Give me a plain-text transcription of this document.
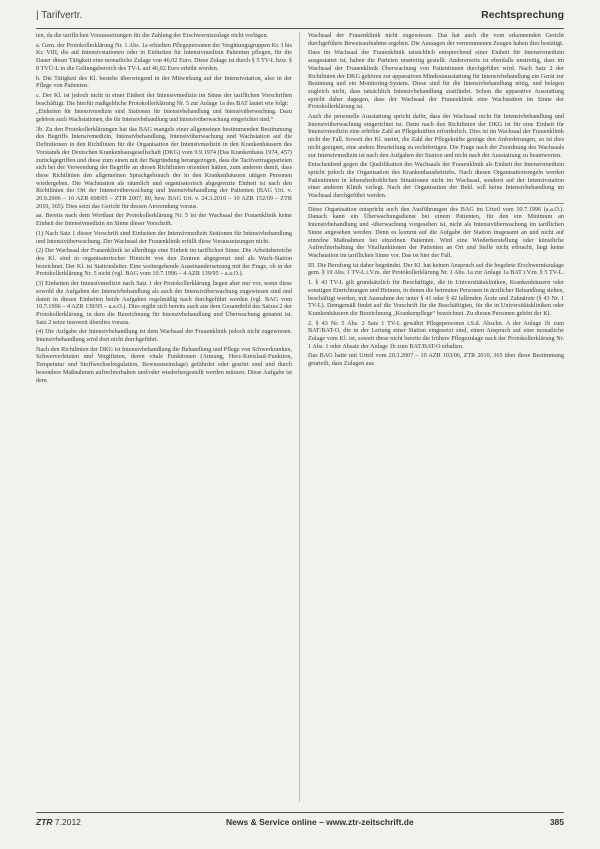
| Tarifvertr.	Rechtsprechung

ten, da die tariflichen Voraussetzungen für die Zahlung der Erschwerniszulage nicht vorlägen.

a. Gem. der Protokollerklärung Nr. 1 Abs. 1a erhielten Pflegepersonen der Vergütungsgruppen Kr. I bis Kr. VIII, die auf Intensivstationen oder in Einheiten für Intensivmedizin Patienten pflegen, für die Dauer dieser Tätigkeit eine monatliche Zulage von 46,02 Euro. Diese Zulage ist durch § 5 TV-L bzw. § 8 TVÜ-L in die Geltungsbereich des TV-L auf 46,02 Euro erhöht worden.

b. Die Tätigkeit des Kl. bestehe überwiegend in der Mitwirkung auf der Intensivstation, also in der Pflege von Patienten.

c. Der Kl. ist jedoch nicht in einer Einheit der Intensivmedizin im Sinne der tariflichen Vorschriften beschäftigt. Die hierfür maßgebliche Protokollerklärung Nr. 5 zur Anlage 1a des BAT lautet wie folgt:

„Einheiten für Intensivmedizin sind Stationen für Intensivbehandlung und Intensivüberwachung. Dazu gehören auch Wachstationen, die für Intensivbehandlung und Intensivüberwachung eingerichtet sind.“

3b. Zu den Protokollerklärungen hat das BAG mangels einer allgemeinen bestimmenden Bestimmung des Begriffs Intensivmedizin, Intensivbehandlung, Intensivüberwachung und Wachstation auf die Definitionen in den Richtlinien für die Organisation der Intensivmedizin in den Krankenhäusern des Vorstands der Deutschen Krankenhausgesellschaft (DKG) vom 9.9.1974 (Das Krankenhaus 1974, 457) zurückgegriffen und diese zum einen mit der Begründung herangezogen, dass die Tarifvertragsparteien sich bei der Verwendung der Begriffe an diesen Richtlinien orientiert hätten, zum anderen damit, dass diese Richtlinien den allgemeinen Sprachgebrauch der in den Krankenhäusern tätigen Personen wiedergeben. Die Wachstation als räumlich und organisatorisch abgegrenzte Einheit ist nach den Richtlinien der Ort der Intensivüberwachung und Intensivbehandlung der Patienten (BAG Urt. v. 20.9.2006 – 10 AZR 608/05 – ZTR 2007, 80, bzw. BAG Urt. v. 24.3.2010 – 10 AZR 152/09 – ZTR 2010, 365). Dies setzt das Gericht für dessen Anwendung voraus.

aa. Bereits nach dem Wortlaut der Protokollerklärung Nr. 5 ist der Wachsaal der Frauenklinik keine Einheit der Intensivmedizin im Sinne dieser Vorschrift.

(1) Nach Satz 1 dieser Vorschrift sind Einheiten der Intensivmedizin Stationen für Intensivbehandlung und Intensivüberwachung. Der Wachsaal der Frauenklinik erfüllt diese Voraussetzungen nicht.

(2) Der Wachsaal der Frauenklinik ist allerdings eine Einheit im tariflichen Sinne. Die Arbeitsbereiche des Kl. sind in organisatorischer Hinsicht von den Zentren abgegrenzt und als Wach-Station bezeichnet. Der Kl. ist Stationsleiter. Eine weitergehende Auseinandersetzung mit der Frage, ob in der Protokollerklärung Nr. 5 nicht (vgl. BAG vom 10.7.1996 – 4 AZR 139/95 – a.a.O.).

(3) Einheiten der Intensivmedizin nach Satz 1 der Protokollerklärung liegen aber nur vor, wenn diese sowohl die Aufgaben der Intensivbehandlung als auch der Intensivüberwachung zugewiesen sind und damit in diesen Einheiten beide Aufgaben regelmäßig nach durchgeführt werden (vgl. BAG vom 10.7.1996 – 4 AZR 139/95 – a.a.O.). Dies ergibt sich bereits auch aus dem Gesamtbild des Satzes 2 der Protokollerklärung, in dem die Bezeichnung für Intensivbehandlung und Überwachung genannt ist. Satz 2 setze insoweit überdies voraus.

(4) Die Aufgabe der Intensivbehandlung ist dem Wachsaal der Frauenklinik jedoch nicht zugewiesen. Intensivbehandlung wird dort nicht durchgeführt.

Nach den Richtlinien der DKG ist Intensivbehandlung die Behandlung und Pflege von Schwerkranken, Schwerverletzten und Vergifteten, deren vitale Funktionen (Atmung, Herz-Kreislauf-Funktion, Temperatur und Stoffwechselregulation, Bewusstseinslage) gefährdet oder gestört sind und durch besondere Maßnahmen aufrechterhalten und/oder wiederhergestellt werden müssen. Diese Aufgabe ist dem

Wachsaal der Frauenklinik nicht zugewiesen. Das hat auch die vom erkennenden Gericht durchgeführte Beweisaufnahme ergeben. Die Aussagen der vernommenen Zeugen haben dies bestätigt.

Dass im Wachsaal der Frauenklinik tatsächlich entsprechend einer Einheit für Intensivmedizin ausgestattet ist, haben die Parteien unstreitig gestellt. Andererseits ist ebenfalls unstreitig, dass im Wachsaal der Frauenklinik Überwachung von Patientinnen durchgeführt wird. Nach Satz 2 der Richtlinien der DKG gehören zur apparativen Mindestausstattung für Intensivbehandlung ein Gerät zur Beatmung und ein Monitoring-System. Diese sind für die Intensivbehandlung nötig, und belegen zugleich nicht, dass tatsächlich Intensivbehandlung stattfindet. Schon die apparative Ausstattung spricht daher dagegen, dass der Wachsaal der Frauenklinik eine Wachstation im Sinne der Protokollerklärung ist.

Auch die personelle Ausstattung spricht dafür, dass der Wachsaal nicht für Intensivbehandlung und Intensivüberwachung eingerichtet ist. Denn nach den Richtlinien der DKG ist für eine Einheit für Intensivmedizin eine erhöhte Zahl an Pflegekräften erforderlich. Dies ist im Wachsaal der Frauenklinik nicht der Fall. Soweit der Kl. meint, die Zahl der Pflegekräfte genüge den Anforderungen, so ist dies nicht geeignet, eine andere Beurteilung zu rechtfertigen. Die Frage nach der Zuordnung des Wachsaals zur Intensivmedizin ist nach den Aufgaben der Station und nicht nach der Ausstattung zu beantworten.

Entscheidend gegen die Qualifikation des Wachsaals der Frauenklinik als Einheit der Intensivmedizin spricht jedoch die Organisation des Krankenhausbetriebs. Nach diesen Organisationsregeln werden Patientinnen in lebensbedrohlichen Situationen nicht im Wachsaal, sondern auf der Intensivstation einer anderen Klinik verlegt. Nach der Organisation der Bekl. soll keine Intensivbehandlung im Wachsaal durchgeführt werden.

Diese Organisation entspricht auch den Ausführungen des BAG im Urteil vom 10.7.1996 (a.a.O.). Danach kann ein Überwachungsdienst bei einem Patienten, für den ein Minimum an Intensivbehandlung und -überwachung vorgesehen ist, nicht als Intensivüberwachung im tariflichen Sinne angesehen werden. Denn es kommt auf die Aufgabe der Station insgesamt an und nicht auf einzelne Maßnahmen bei einzelnen Patienten. Wird eine Wiederherstellung oder künstliche Aufrechterhaltung der Vitalfunktionen der Patienten an Ort und Stelle nicht erbracht, liegt keine Wachstation im tariflichen Sinne vor. Das ist hier der Fall.

III. Die Berufung ist daher begründet. Der Kl. hat keinen Anspruch auf die begehrte Erschwerniszulage gem. § 19 Abs. 1 TV-L i.V.m. der Protokollerklärung Nr. 1 Abs. 1a zur Anlage 1a BAT i.V.m. § 5 TV-L.

1. § 43 TV-L gilt grundsätzlich für Beschäftigte, die in Universitätskliniken, Krankenhäusern oder sonstigen Einrichtungen und Heimen, in denen die betreuten Personen in ärztlicher Behandlung stehen, beschäftigt werden, mit Ausnahme der unter § 41 oder § 42 fallenden Ärzte und Zahnärzte (§ 43 Nr. 1 TV-L). Demgemäß findet auf die Vorschrift für die Beschäftigten, für die in Universitätskliniken oder Krankenhäusern die Bezeichnung „Krankenpflege“ bezeichnet. Zu diesen Personen gehört der Kl.

2. § 43 Nr. 5 Abs. 2 Satz 1 TV-L gewährt Pflegepersonen i.S.d. Abschn. A der Anlage 1b zum BAT/BAT-O, die in der Leitung einer Station eingesetzt sind, einen Anspruch auf eine monatliche Zulage vom Kl. ist, soweit diese nicht bereits die frühere Pflegezulage nach der Protokollerklärung Nr. 1 Abs. 1 oder Absatz der Anlage 1b zum BAT/BAT-O erhalten.

Das BAG hatte mit Urteil vom 20.3.2007 – 10 AZR 103/06, ZTR 2010, 365 über diese Bestimmung geurteilt, dass Zulagen aus

ZTR 7.2012	News & Service online – www.ztr-zeitschrift.de	385
